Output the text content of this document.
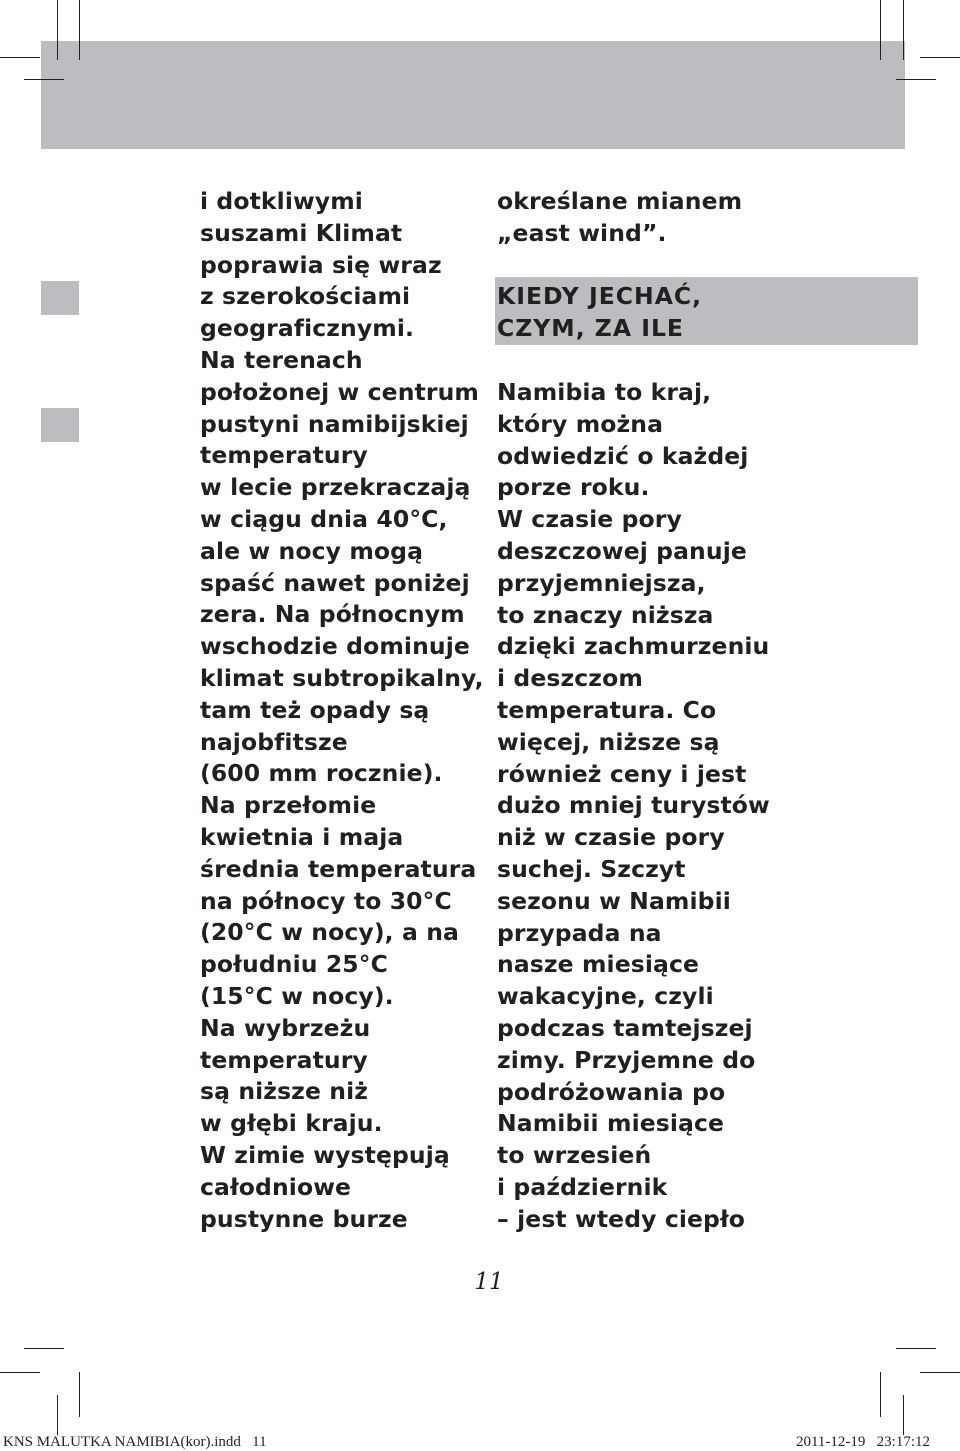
i dotkliwymi
suszami Klimat
poprawia się wraz
z szerokościami
geograficznymi.
Na terenach
położonej w centrum
pustyni namibijskiej
temperatury
w lecie przekraczają
w ciągu dnia 40°C,
ale w nocy mogą
spaść nawet poniżej
zera. Na północnym
wschodzie dominuje
klimat subtropikalny,
tam też opady są
najobfitsze
(600 mm rocznie).
Na przełomie
kwietnia i maja
średnia temperatura
na północy to 30°C
(20°C w nocy), a na
południu 25°C
(15°C w nocy).
Na wybrzeżu
temperatury
są niższe niż
w głębi kraju.
W zimie występują
całodniowe
pustynne burze
określane mianem
„east wind”.
KIEDY JECHAĆ,
CZYM, ZA ILE
Namibia to kraj,
który można
odwiedzić o każdej
porze roku.
W czasie pory
deszczowej panuje
przyjemniejsza,
to znaczy niższa
dzięki zachmurzeniu
i deszczom
temperatura. Co
więcej, niższe są
również ceny i jest
dużo mniej turystów
niż w czasie pory
suchej. Szczyt
sezonu w Namibii
przypada na
nasze miesiące
wakacyjne, czyli
podczas tamtejszej
zimy. Przyjemne do
podróżowania po
Namibii miesiące
to wrzesień
i październik
– jest wtedy ciepło
11
KNS MALUTKA NAMIBIA(kor).indd   11	2011-12-19   23:17:12
